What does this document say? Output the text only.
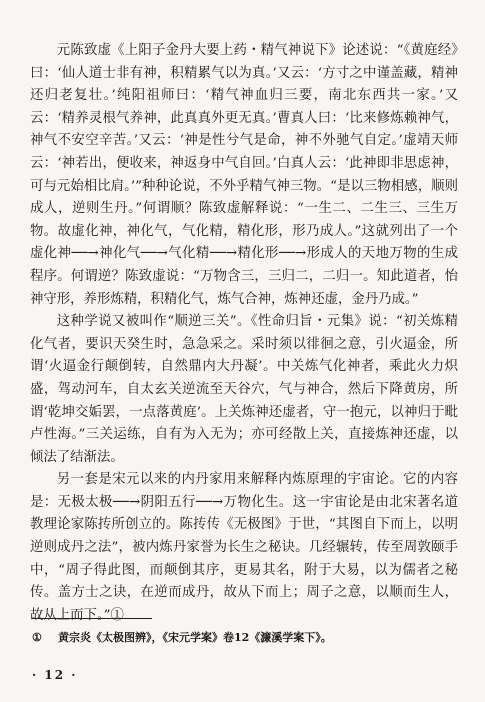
元陈致虚《上阳子金丹大要上药・精气神说下》论述说：“《黄庭经》曰：‘仙人道士非有神，积精累气以为真。’又云：‘方寸之中谨盖藏，精神还归老复壮。’纯阳祖师曰：‘精气神血归三要，南北东西共一家。’又云：‘精养灵根气养神，此真真外更无真。’曹真人曰：‘比来修炼赖神气，神气不安空辛苦。’又云：‘神是性兮气是命，神不外驰气自定。’虚靖天师云：‘神若出，便收来，神返身中气自回。’白真人云：‘此神即非思虑神，可与元始相比肩。’”种种论说，不外乎精气神三物。“是以三物相感，顺则成人，逆则生丹。”何谓顺？陈致虚解释说：“一生二、二生三、三生万物。故虚化神，神化气，气化精，精化形，形乃成人。”这就列出了一个虚化神──→神化气──→气化精──→精化形──→形成人的天地万物的生成程序。何谓逆？陈致虚说：“万物含三，三归二，二归一。知此道者，怡神守形，养形炼精，积精化气，炼气合神，炼神还虚，金丹乃成。”

这种学说又被叫作“顺逆三关”。《性命归旨・元集》说：“初关炼精化气者，要识天癸生时，急急采之。采时须以徘徊之意，引火逼金，所谓‘火逼金行颠倒转，自然鼎内大丹凝’。中关炼气化神者，乘此火力炽盛，驾动河车，自太玄关逆流至天谷穴，气与神合，然后下降黄房，所谓‘乾坤交姤罢，一点落黄庭’。上关炼神还虚者，守一抱元，以神归于毗卢性海。”三关运练，自有为入无为；亦可经散上关，直接炼神还虚，以倾法了结渐法。

另一套是宋元以来的内丹家用来解释内炼原理的宇宙论。它的内容是：无极太极──→阴阳五行──→万物化生。这一宇宙论是由北宋著名道教理论家陈抟所创立的。陈抟传《无极图》于世，“其图自下而上，以明逆则成丹之法”，被内炼丹家誉为长生之秘诀。几经辗转，传至周敦颐手中，“周子得此图，而颠倒其序，更易其名，附于大易，以为儒者之秘传。盖方士之诀，在逆而成丹，故从下而上；周子之意，以顺而生人，故从上而下。”①

① 黄宗炎《太极图辨》，《宋元学案》卷12《濂溪学案下》。
· 12 ·
